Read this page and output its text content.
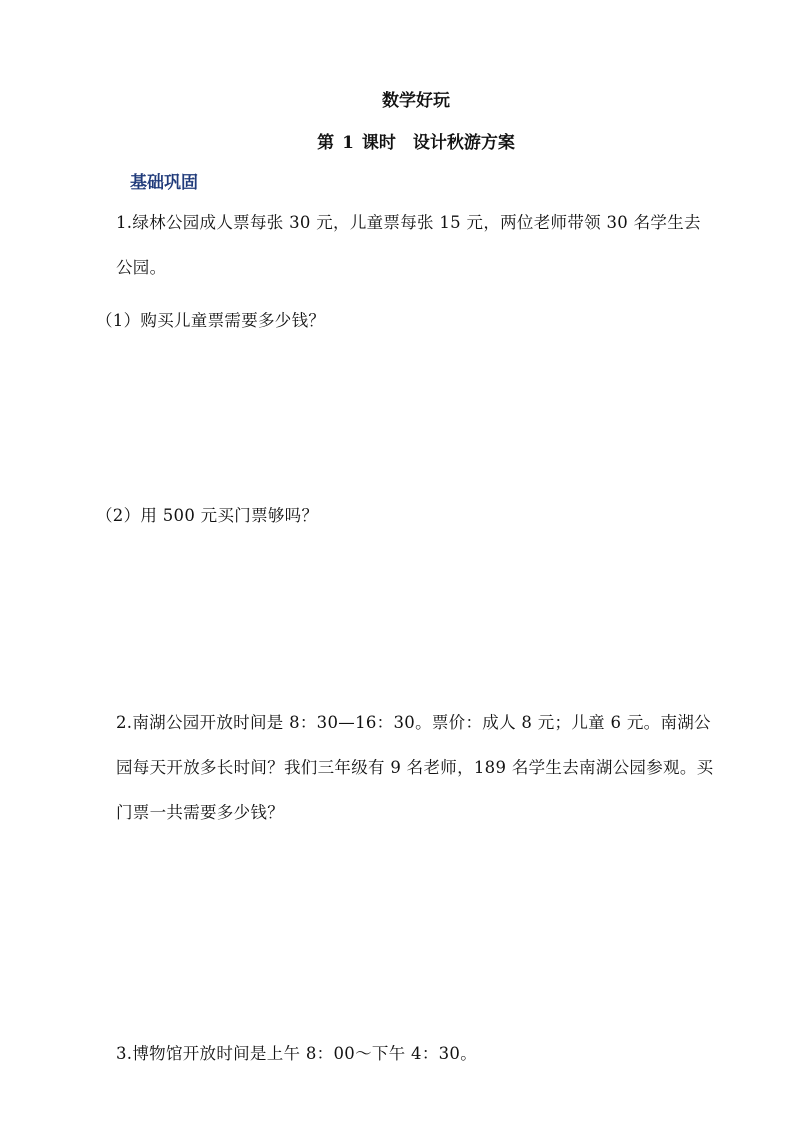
数学好玩
第 1 课时　设计秋游方案
基础巩固
1.绿林公园成人票每张 30 元，儿童票每张 15 元，两位老师带领 30 名学生去公园。
（1）购买儿童票需要多少钱？
（2）用 500 元买门票够吗？
2.南湖公园开放时间是 8：30—16：30。票价：成人 8 元；儿童 6 元。南湖公园每天开放多长时间？我们三年级有 9 名老师，189 名学生去南湖公园参观。买门票一共需要多少钱？
3.博物馆开放时间是上午 8：00～下午 4：30。
